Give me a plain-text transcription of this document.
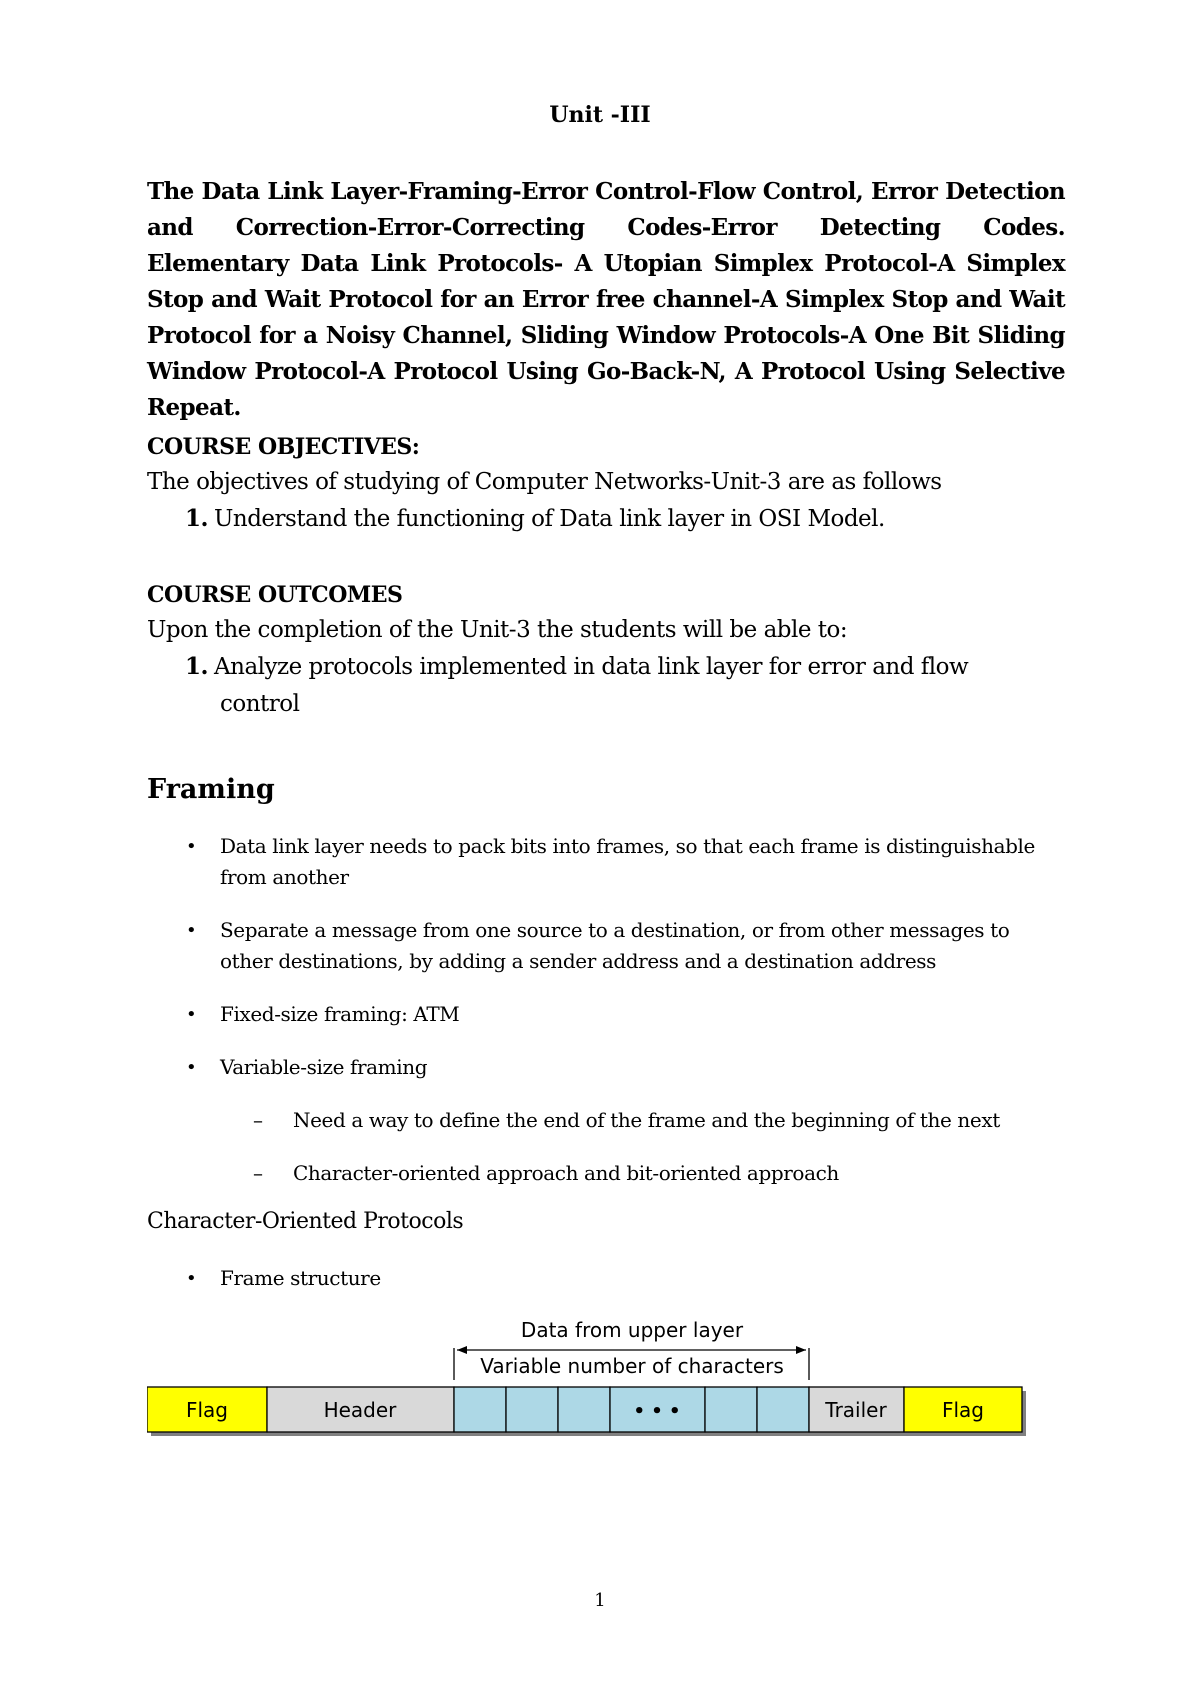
Unit -III
The Data Link Layer-Framing-Error Control-Flow Control, Error Detection and Correction-Error-Correcting Codes-Error Detecting Codes. Elementary Data Link Protocols- A Utopian Simplex Protocol-A Simplex Stop and Wait Protocol for an Error free channel-A Simplex Stop and Wait Protocol for a Noisy Channel, Sliding Window Protocols-A One Bit Sliding Window Protocol-A Protocol Using Go-Back-N, A Protocol Using Selective Repeat.
COURSE OBJECTIVES:
The objectives of studying of Computer Networks-Unit-3 are as follows
1. Understand the functioning of Data link layer in OSI Model.
COURSE OUTCOMES
Upon the completion of the Unit-3 the students will be able to:
1. Analyze protocols implemented in data link layer for error and flow
control
Framing
•	Data link layer needs to pack bits into frames, so that each frame is distinguishable from another
•	Separate a message from one source to a destination, or from other messages to other destinations, by adding a sender address and a destination address
•	Fixed-size framing: ATM
•	Variable-size framing
–	Need a way to define the end of the frame and the beginning of the next
–	Character-oriented approach and bit-oriented approach
Character-Oriented Protocols
•	Frame structure
Data from upper layer
Variable number of characters
Flag	Header	• • •	Trailer	Flag
1
